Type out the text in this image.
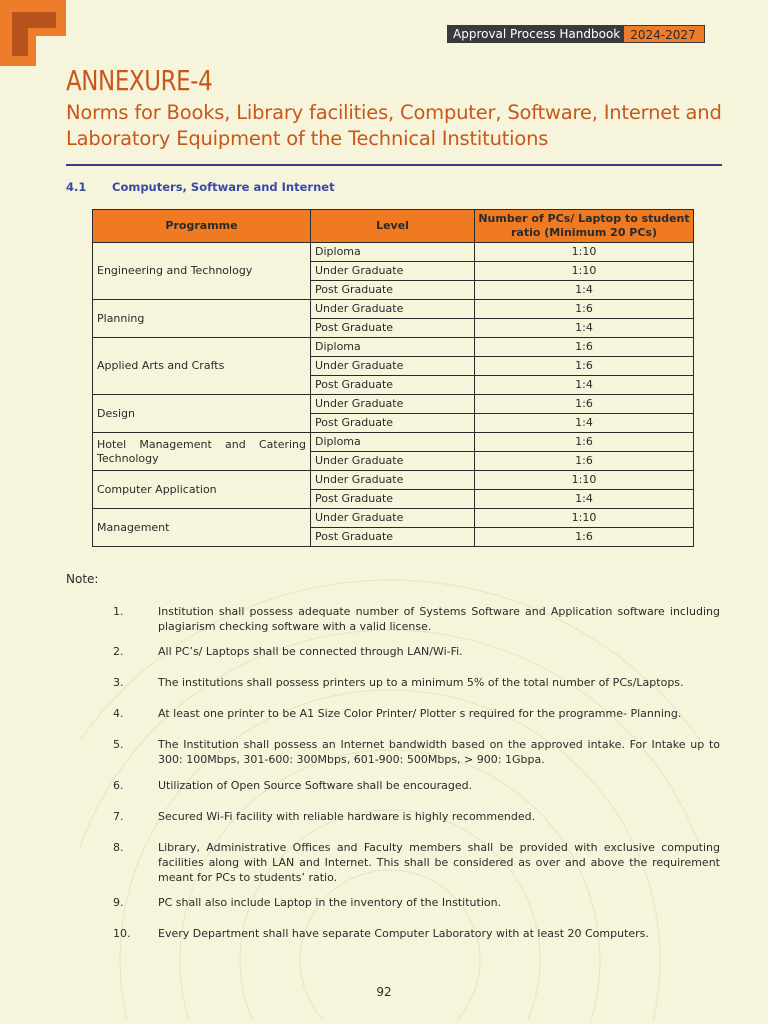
Approval Process Handbook 2024-2027
ANNEXURE-4
Norms for Books, Library facilities, Computer, Software, Internet and Laboratory Equipment of the Technical Institutions
4.1	Computers, Software and Internet
Programme	Level	Number of PCs/ Laptop to student ratio (Minimum 20 PCs)
Engineering and Technology	Diploma	1:10
	Under Graduate	1:10
	Post Graduate	1:4
Planning	Under Graduate	1:6
	Post Graduate	1:4
Applied Arts and Crafts	Diploma	1:6
	Under Graduate	1:6
	Post Graduate	1:4
Design	Under Graduate	1:6
	Post Graduate	1:4
Hotel Management and Catering Technology	Diploma	1:6
	Under Graduate	1:6
Computer Application	Under Graduate	1:10
	Post Graduate	1:4
Management	Under Graduate	1:10
	Post Graduate	1:6
Note:
1.	Institution shall possess adequate number of Systems Software and Application software including plagiarism checking software with a valid license.
2.	All PC’s/ Laptops shall be connected through LAN/Wi-Fi.
3.	The institutions shall possess printers up to a minimum 5% of the total number of PCs/Laptops.
4.	At least one printer to be A1 Size Color Printer/ Plotter s required for the programme- Planning.
5.	The Institution shall possess an Internet bandwidth based on the approved intake. For Intake up to 300: 100Mbps, 301-600: 300Mbps, 601-900: 500Mbps, > 900: 1Gbpa.
6.	Utilization of Open Source Software shall be encouraged.
7.	Secured Wi-Fi facility with reliable hardware is highly recommended.
8.	Library, Administrative Offices and Faculty members shall be provided with exclusive computing facilities along with LAN and Internet. This shall be considered as over and above the requirement meant for PCs to students’ ratio.
9.	PC shall also include Laptop in the inventory of the Institution.
10.	Every Department shall have separate Computer Laboratory with at least 20 Computers.
92
